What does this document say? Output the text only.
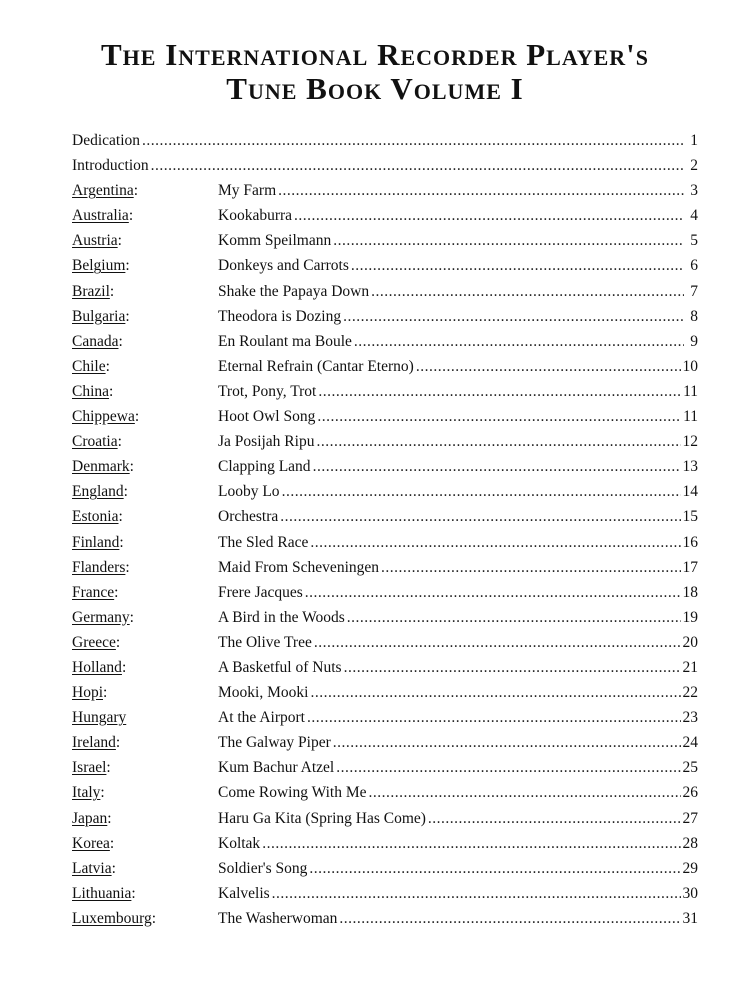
The International Recorder Player's
Tune Book Volume I
Dedication .....	1
Introduction .....	2
Argentina:	My Farm .....	3
Australia:	Kookaburra .....	4
Austria:	Komm Speilmann .....	5
Belgium:	Donkeys and Carrots .....	6
Brazil:	Shake the Papaya Down .....	7
Bulgaria:	Theodora is Dozing .....	8
Canada:	En Roulant ma Boule .....	9
Chile:	Eternal Refrain (Cantar Eterno) .....	10
China:	Trot, Pony, Trot .....	11
Chippewa:	Hoot Owl Song .....	11
Croatia:	Ja Posijah Ripu .....	12
Denmark:	Clapping Land .....	13
England:	Looby Lo .....	14
Estonia:	Orchestra .....	15
Finland:	The Sled Race .....	16
Flanders:	Maid From Scheveningen .....	17
France:	Frere Jacques .....	18
Germany:	A Bird in the Woods .....	19
Greece:	The Olive Tree .....	20
Holland:	A Basketful of Nuts .....	21
Hopi:	Mooki, Mooki .....	22
Hungary	At the Airport .....	23
Ireland:	The Galway Piper .....	24
Israel:	Kum Bachur Atzel .....	25
Italy:	Come Rowing With Me .....	26
Japan:	Haru Ga Kita (Spring Has Come) .....	27
Korea:	Koltak .....	28
Latvia:	Soldier's Song .....	29
Lithuania:	Kalvelis .....	30
Luxembourg:	The Washerwoman .....	31
